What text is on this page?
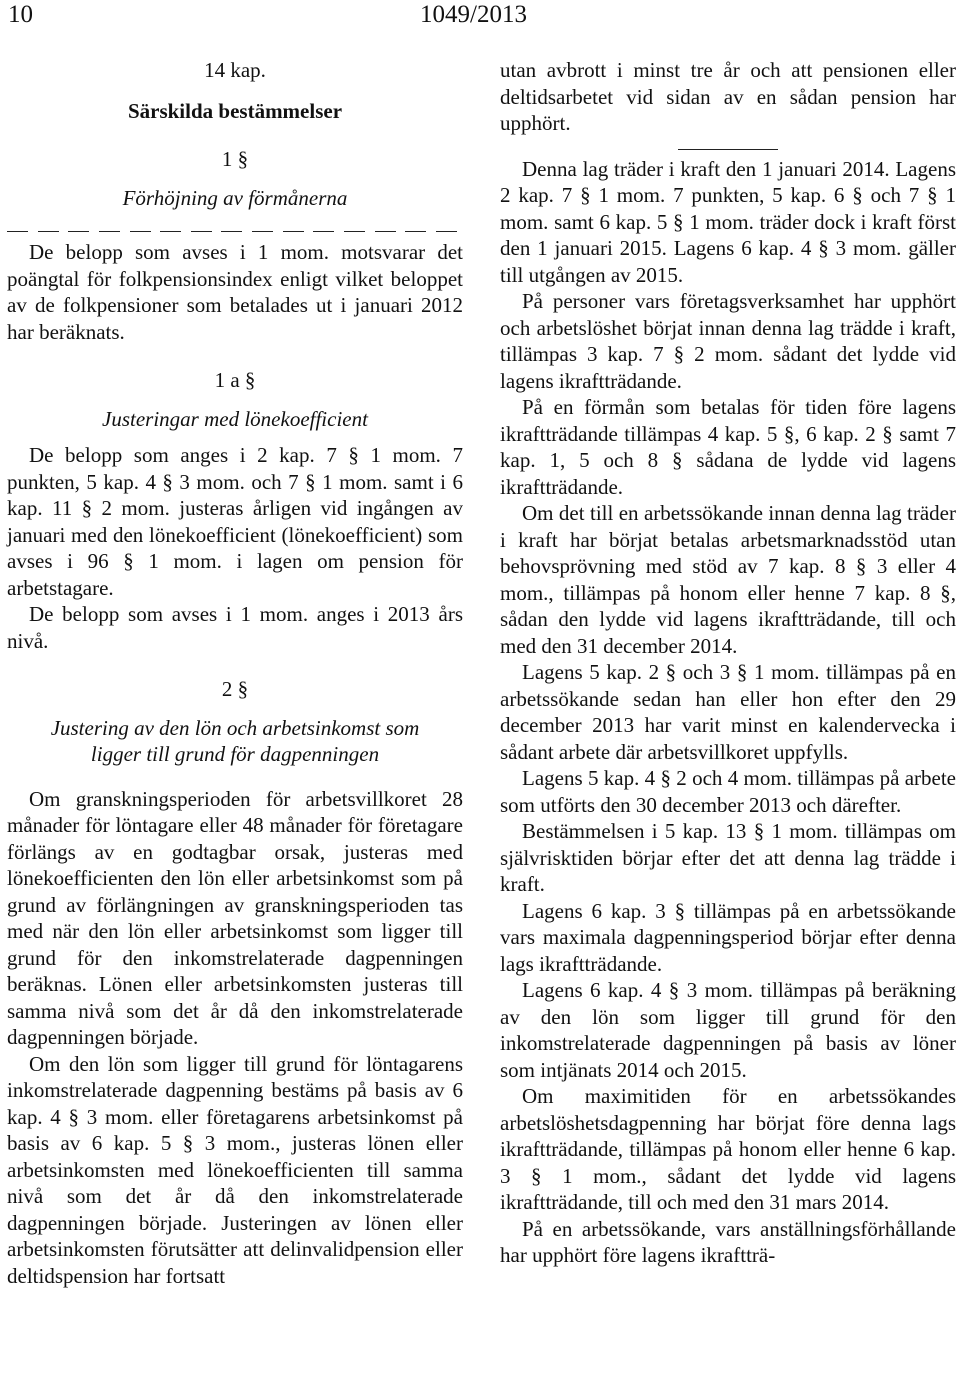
10	1049/2013
14 kap.
Särskilda bestämmelser
1 §
Förhöjning av förmånerna

De belopp som avses i 1 mom. motsvarar det poängtal för folkpensionsindex enligt vilket beloppet av de folkpensioner som betalades ut i januari 2012 har beräknats.

1 a §
Justeringar med lönekoefficient

De belopp som anges i 2 kap. 7 § 1 mom. 7 punkten, 5 kap. 4 § 3 mom. och 7 § 1 mom. samt i 6 kap. 11 § 2 mom. justeras årligen vid ingången av januari med den lönekoefficient (lönekoefficient) som avses i 96 § 1 mom. i lagen om pension för arbetstagare.

De belopp som avses i 1 mom. anges i 2013 års nivå.

2 §
Justering av den lön och arbetsinkomst som
ligger till grund för dagpenningen

Om granskningsperioden för arbetsvillkoret 28 månader för löntagare eller 48 månader för företagare förlängs av en godtagbar orsak, justeras med lönekoefficienten den lön eller arbetsinkomst som på grund av förlängningen av granskningsperioden tas med när den lön eller arbetsinkomst som ligger till grund för den inkomstrelaterade dagpenningen beräknas. Lönen eller arbetsinkomsten justeras till samma nivå som det år då den inkomstrelaterade dagpenningen började.

Om den lön som ligger till grund för löntagarens inkomstrelaterade dagpenning bestäms på basis av 6 kap. 4 § 3 mom. eller företagarens arbetsinkomst på basis av 6 kap. 5 § 3 mom., justeras lönen eller arbetsinkomsten med lönekoefficienten till samma nivå som det år då den inkomstrelaterade dagpenningen började. Justeringen av lönen eller arbetsinkomsten förutsätter att delinvalidpension eller deltidspension har fortsatt

utan avbrott i minst tre år och att pensionen eller deltidsarbetet vid sidan av en sådan pension har upphört.

Denna lag träder i kraft den 1 januari 2014. Lagens 2 kap. 7 § 1 mom. 7 punkten, 5 kap. 6 § och 7 § 1 mom. samt 6 kap. 5 § 1 mom. träder dock i kraft först den 1 januari 2015. Lagens 6 kap. 4 § 3 mom. gäller till utgången av 2015.

På personer vars företagsverksamhet har upphört och arbetslöshet börjat innan denna lag trädde i kraft, tillämpas 3 kap. 7 § 2 mom. sådant det lydde vid lagens ikraftträdande.

På en förmån som betalas för tiden före lagens ikraftträdande tillämpas 4 kap. 5 §, 6 kap. 2 § samt 7 kap. 1, 5 och 8 § sådana de lydde vid lagens ikraftträdande.

Om det till en arbetssökande innan denna lag träder i kraft har börjat betalas arbetsmarknadsstöd utan behovsprövning med stöd av 7 kap. 8 § 3 eller 4 mom., tillämpas på honom eller henne 7 kap. 8 §, sådan den lydde vid lagens ikraftträdande, till och med den 31 december 2014.

Lagens 5 kap. 2 § och 3 § 1 mom. tillämpas på en arbetssökande sedan han eller hon efter den 29 december 2013 har varit minst en kalendervecka i sådant arbete där arbetsvillkoret uppfylls.

Lagens 5 kap. 4 § 2 och 4 mom. tillämpas på arbete som utförts den 30 december 2013 och därefter.

Bestämmelsen i 5 kap. 13 § 1 mom. tillämpas om självrisktiden börjar efter det att denna lag trädde i kraft.

Lagens 6 kap. 3 § tillämpas på en arbetssökande vars maximala dagpenningsperiod börjar efter denna lags ikraftträdande.

Lagens 6 kap. 4 § 3 mom. tillämpas på beräkning av den lön som ligger till grund för den inkomstrelaterade dagpenningen på basis av löner som intjänats 2014 och 2015.

Om maximitiden för en arbetssökandes arbetslöshetsdagpenning har börjat före denna lags ikraftträdande, tillämpas på honom eller henne 6 kap. 3 § 1 mom., sådant det lydde vid lagens ikraftträdande, till och med den 31 mars 2014.

På en arbetssökande, vars anställningsförhållande har upphört före lagens ikraftträ-
